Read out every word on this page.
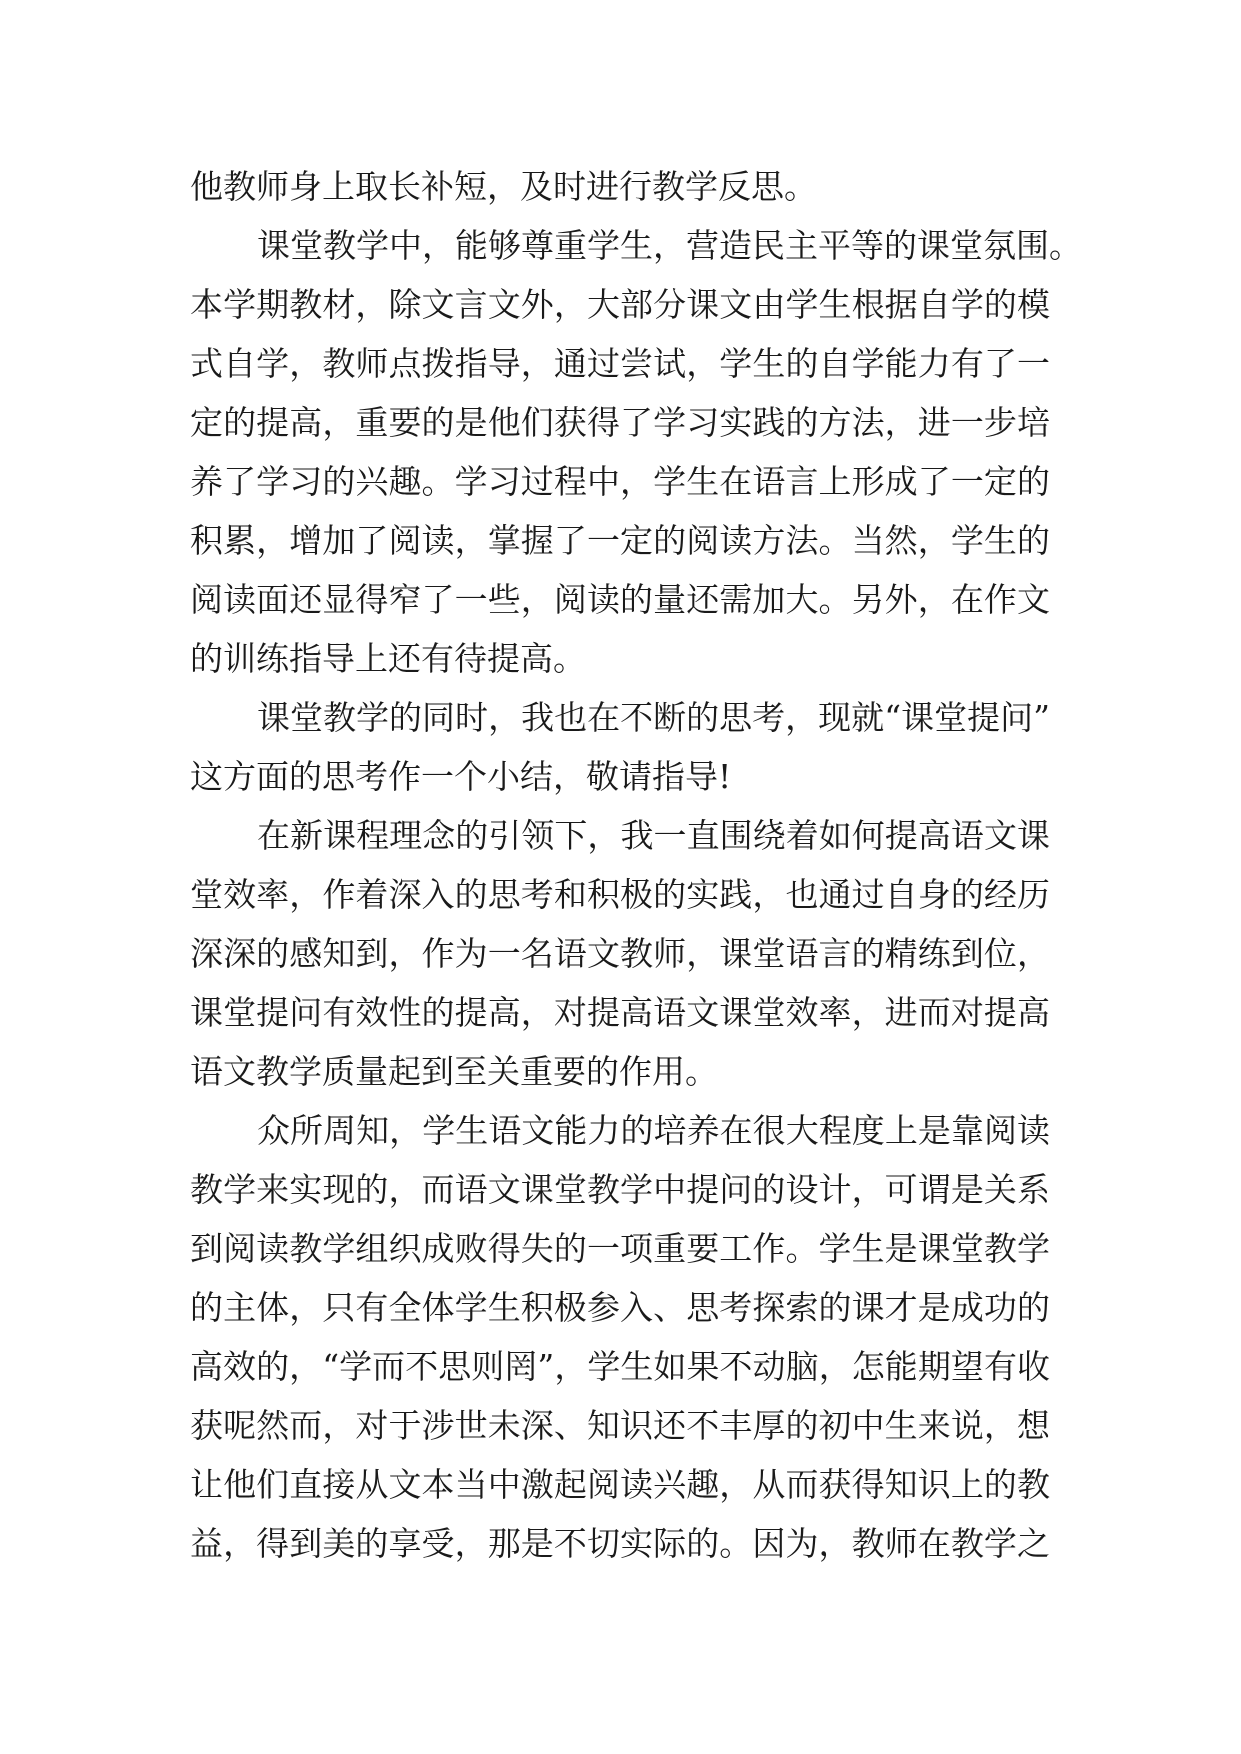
他教师身上取长补短，及时进行教学反思。
课堂教学中，能够尊重学生，营造民主平等的课堂氛围。
本学期教材，除文言文外，大部分课文由学生根据自学的模
式自学，教师点拨指导，通过尝试，学生的自学能力有了一
定的提高，重要的是他们获得了学习实践的方法，进一步培
养了学习的兴趣。学习过程中，学生在语言上形成了一定的
积累，增加了阅读，掌握了一定的阅读方法。当然，学生的
阅读面还显得窄了一些，阅读的量还需加大。另外，在作文
的训练指导上还有待提高。
课堂教学的同时，我也在不断的思考，现就“课堂提问”
这方面的思考作一个小结，敬请指导!
在新课程理念的引领下，我一直围绕着如何提高语文课
堂效率，作着深入的思考和积极的实践，也通过自身的经历
深深的感知到，作为一名语文教师，课堂语言的精练到位，
课堂提问有效性的提高，对提高语文课堂效率，进而对提高
语文教学质量起到至关重要的作用。
众所周知，学生语文能力的培养在很大程度上是靠阅读
教学来实现的，而语文课堂教学中提问的设计，可谓是关系
到阅读教学组织成败得失的一项重要工作。学生是课堂教学
的主体，只有全体学生积极参入、思考探索的课才是成功的
高效的，“学而不思则罔”，学生如果不动脑，怎能期望有收
获呢然而，对于涉世未深、知识还不丰厚的初中生来说，想
让他们直接从文本当中激起阅读兴趣，从而获得知识上的教
益，得到美的享受，那是不切实际的。因为，教师在教学之
